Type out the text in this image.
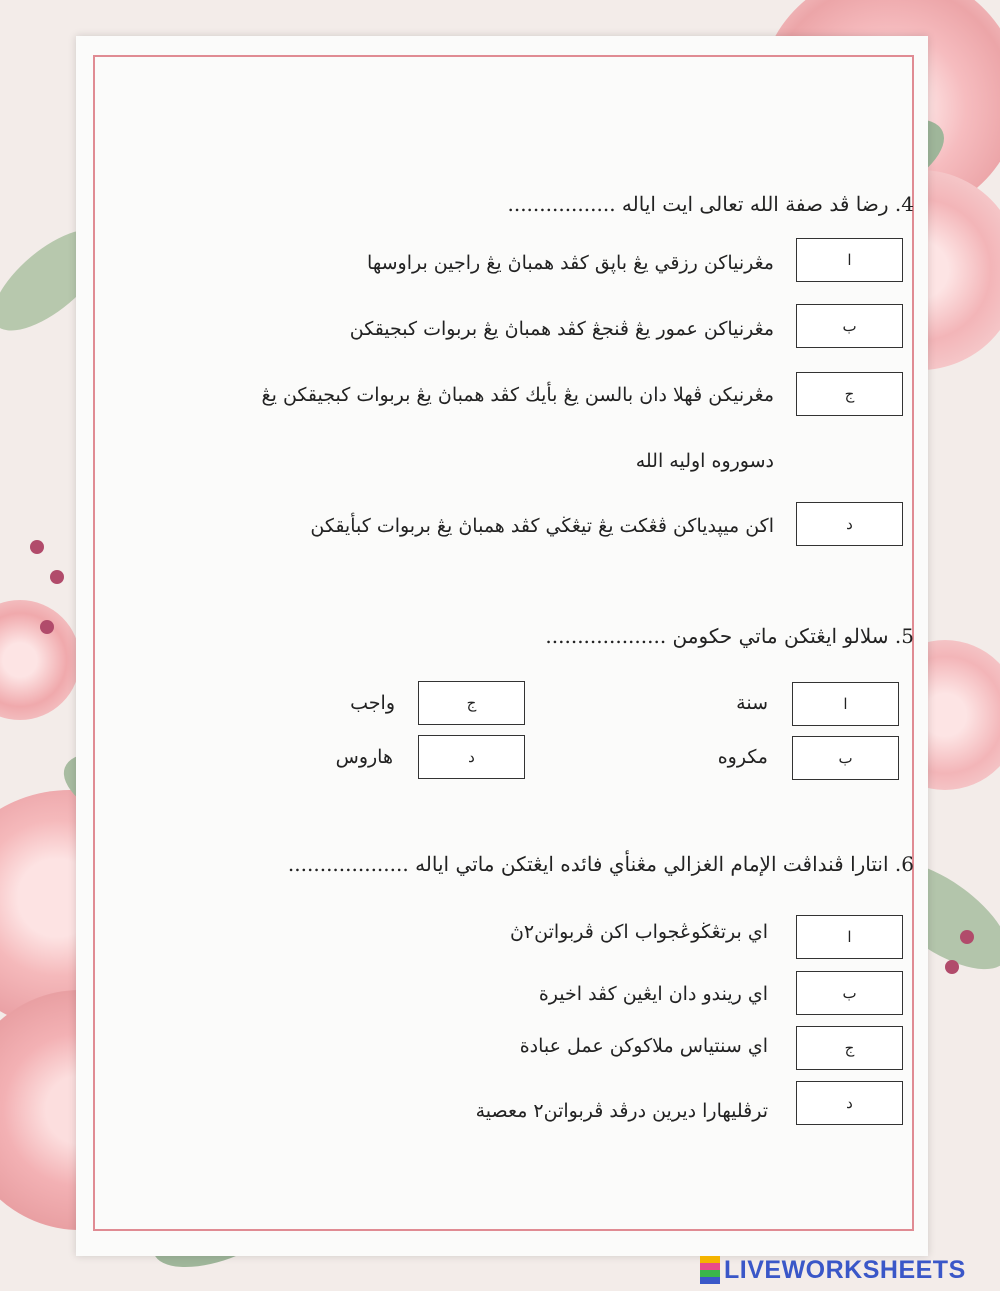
4. رضا ڤد صفة الله تعالى ايت اياله .................
ا
مڠرنياكن رزقي يڠ باڽق كڤد همباڽ يڠ راجين براوسها
ب
مڠرنياكن عمور يڠ ڤنجڠ كڤد همباڽ يڠ بربوات كبجيقكن
ج
مڠرنيكن ڤهلا دان بالسن يڠ بأيك كڤد همباڽ يڠ بربوات كبجيقكن يڠ
دسوروه اوليه الله
د
اكن ميڽدياكن ڤڠكت يڠ تيڠڬي كڤد همباڽ يڠ بربوات كبأيقكن
5. سلالو ايڠتكن ماتي حكومن ...................
ا
سنة
ب
مكروه
ج
واجب
د
هاروس
6. انتارا ڤنداڤت الإمام الغزالي مڠنأي فائده ايڠتكن ماتي اياله ...................
ا
اي برتڠڬوڠجواب اكن ڤربواتن٢ڽ
ب
اي ريندو دان ايڠين كڤد اخيرة
ج
اي سنتياس ملاكوكن عمل عبادة
د
ترڤليهارا ديرين درڤد ڤربواتن٢ معصية
LIVEWORKSHEETS
